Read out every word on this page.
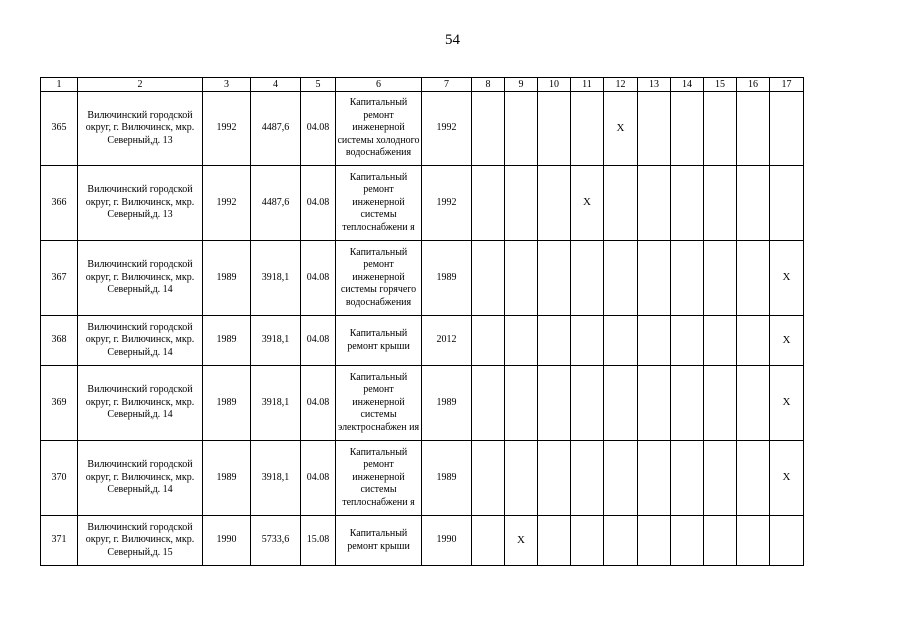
54
1	2	3	4	5	6	7	8	9	10	11	12	13	14	15	16	17
365	Вилючинский городской округ, г. Вилючинск, мкр. Северный,д. 13	1992	4487,6	04.08	Капитальный ремонт инженерной системы холодного водоснабжения	1992					Х					
366	Вилючинский городской округ, г. Вилючинск, мкр. Северный,д. 13	1992	4487,6	04.08	Капитальный ремонт инженерной системы теплоснабжени я	1992				Х						
367	Вилючинский городской округ, г. Вилючинск, мкр. Северный,д. 14	1989	3918,1	04.08	Капитальный ремонт инженерной системы горячего водоснабжения	1989										Х
368	Вилючинский городской округ, г. Вилючинск, мкр. Северный,д. 14	1989	3918,1	04.08	Капитальный ремонт крыши	2012										Х
369	Вилючинский городской округ, г. Вилючинск, мкр. Северный,д. 14	1989	3918,1	04.08	Капитальный ремонт инженерной системы электроснабжен ия	1989										Х
370	Вилючинский городской округ, г. Вилючинск, мкр. Северный,д. 14	1989	3918,1	04.08	Капитальный ремонт инженерной системы теплоснабжени я	1989										Х
371	Вилючинский городской округ, г. Вилючинск, мкр. Северный,д. 15	1990	5733,6	15.08	Капитальный ремонт крыши	1990		Х								
